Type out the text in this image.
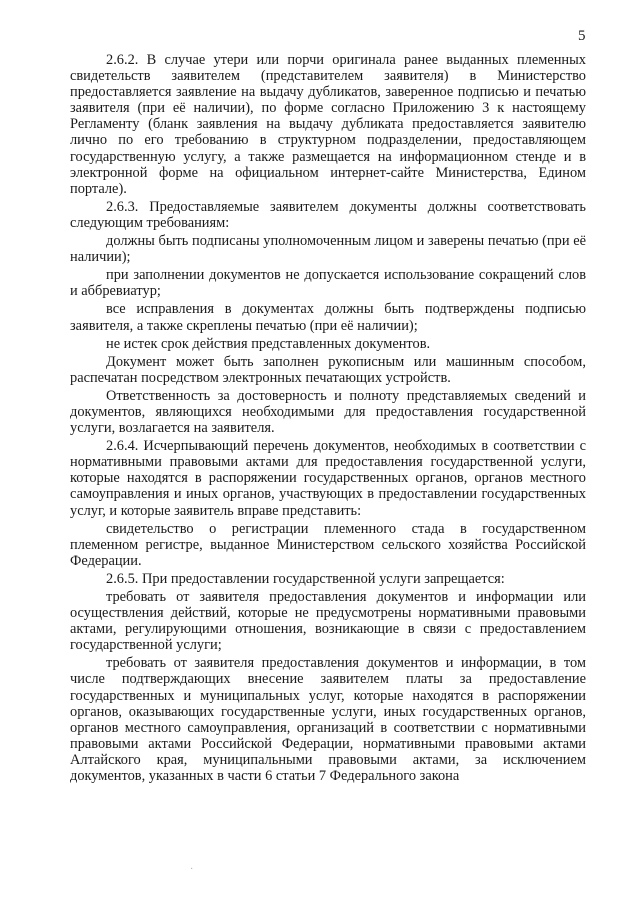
5

2.6.2. В случае утери или порчи оригинала ранее выданных племенных свидетельств заявителем (представителем заявителя) в Министерство предоставляется заявление на выдачу дубликатов, заверенное подписью и печатью заявителя (при её наличии), по форме согласно Приложению 3 к настоящему Регламенту (бланк заявления на выдачу дубликата предоставляется заявителю лично по его требованию в структурном подразделении, предоставляющем государственную услугу, а также размещается на информационном стенде и в электронной форме на официальном интернет-сайте Министерства, Едином портале).

2.6.3. Предоставляемые заявителем документы должны соответствовать следующим требованиям:

должны быть подписаны уполномоченным лицом и заверены печатью (при её наличии);

при заполнении документов не допускается использование сокращений слов и аббревиатур;

все исправления в документах должны быть подтверждены подписью заявителя, а также скреплены печатью (при её наличии);

не истек срок действия представленных документов.

Документ может быть заполнен рукописным или машинным способом, распечатан посредством электронных печатающих устройств.

Ответственность за достоверность и полноту представляемых сведений и документов, являющихся необходимыми для предоставления государственной услуги, возлагается на заявителя.

2.6.4. Исчерпывающий перечень документов, необходимых в соответствии с нормативными правовыми актами для предоставления государственной услуги, которые находятся в распоряжении государственных органов, органов местного самоуправления и иных органов, участвующих в предоставлении государственных услуг, и которые заявитель вправе представить:

свидетельство о регистрации племенного стада в государственном племенном регистре, выданное Министерством сельского хозяйства Российской Федерации.

2.6.5. При предоставлении государственной услуги запрещается:

требовать от заявителя предоставления документов и информации или осуществления действий, которые не предусмотрены нормативными правовыми актами, регулирующими отношения, возникающие в связи с предоставлением государственной услуги;

требовать от заявителя предоставления документов и информации, в том числе подтверждающих внесение заявителем платы за предоставление государственных и муниципальных услуг, которые находятся в распоряжении органов, оказывающих государственные услуги, иных государственных органов, органов местного самоуправления, организаций в соответствии с нормативными правовыми актами Российской Федерации, нормативными правовыми актами Алтайского края, муниципальными правовыми актами, за исключением документов, указанных в части 6 статьи 7 Федерального закона

·
